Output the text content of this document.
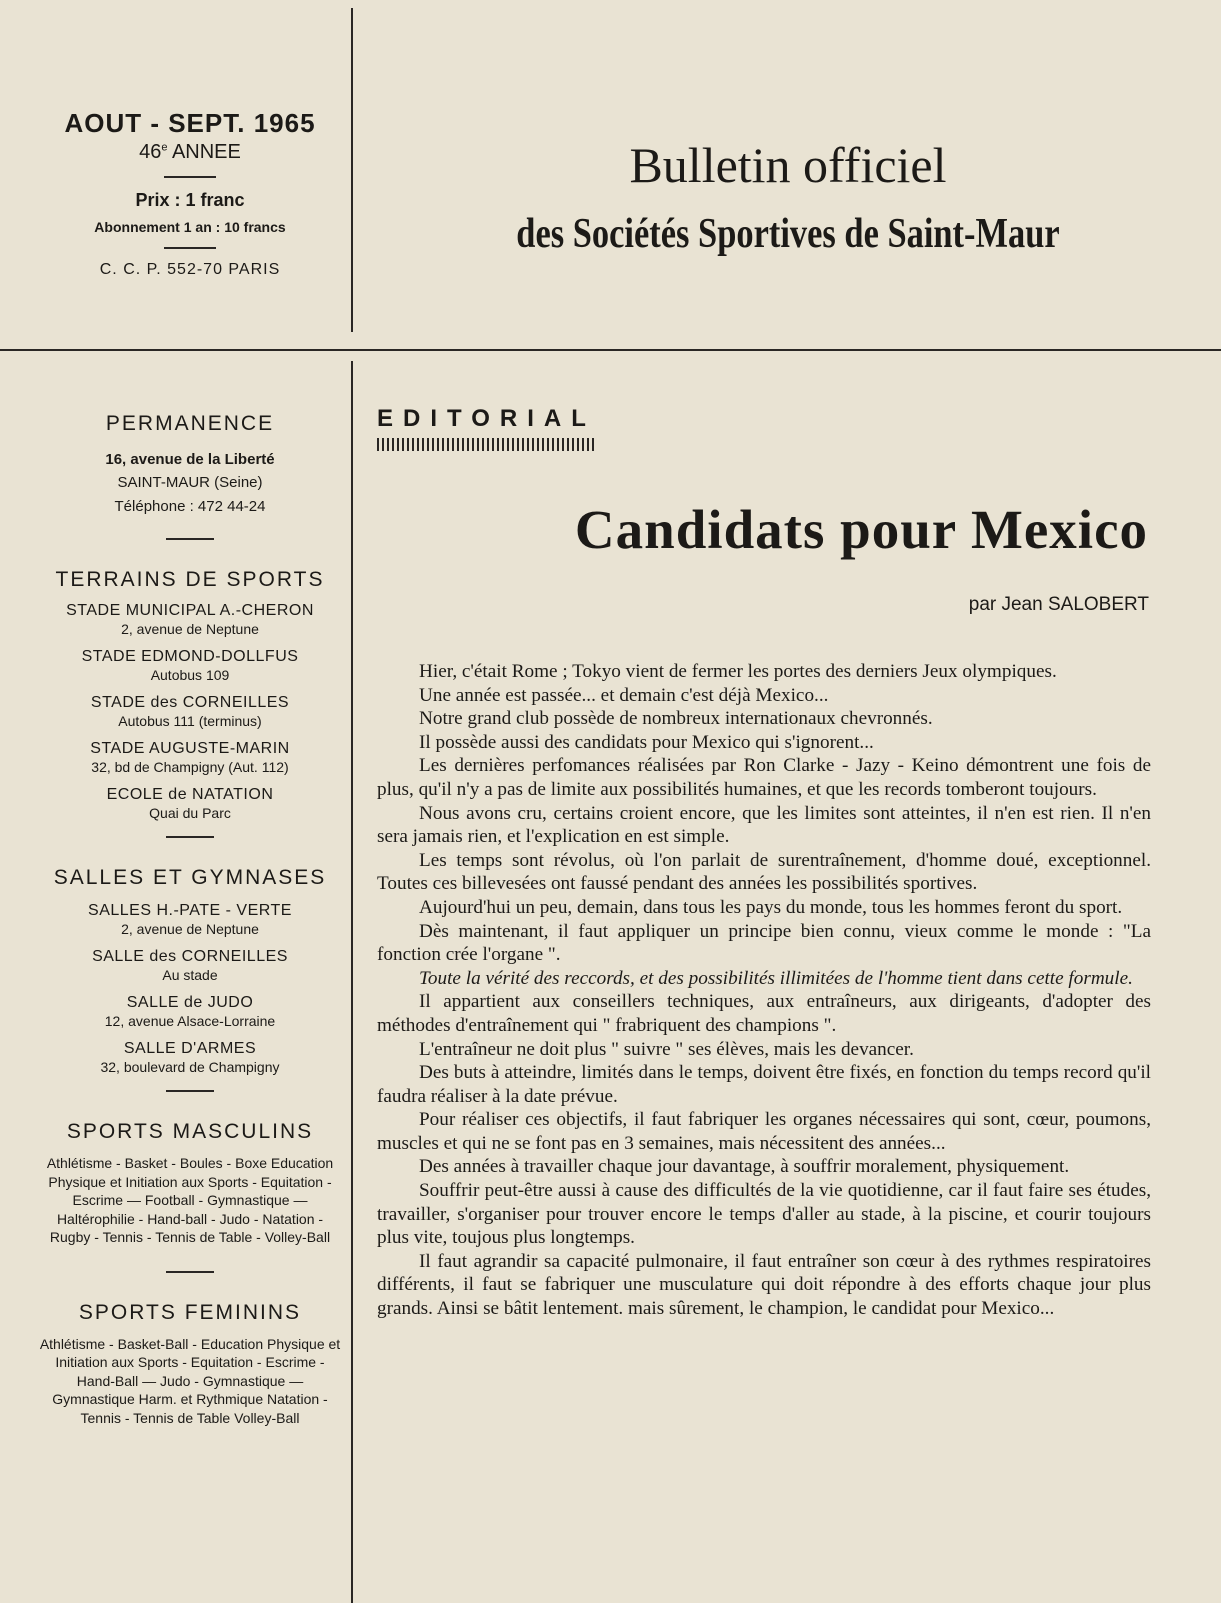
AOUT - SEPT. 1965
46e ANNEE
Prix : 1 franc
Abonnement 1 an : 10 francs
C. C. P. 552-70 PARIS
Bulletin officiel
des Sociétés Sportives de Saint-Maur
PERMANENCE
16, avenue de la Liberté
SAINT-MAUR (Seine)
Téléphone : 472 44-24
TERRAINS DE SPORTS
STADE MUNICIPAL A.-CHERON
2, avenue de Neptune
STADE EDMOND-DOLLFUS
Autobus 109
STADE des CORNEILLES
Autobus 111 (terminus)
STADE AUGUSTE-MARIN
32, bd de Champigny (Aut. 112)
ECOLE de NATATION
Quai du Parc
SALLES ET GYMNASES
SALLES H.-PATE - VERTE
2, avenue de Neptune
SALLE des CORNEILLES
Au stade
SALLE de JUDO
12, avenue Alsace-Lorraine
SALLE D'ARMES
32, boulevard de Champigny
SPORTS MASCULINS
Athlétisme - Basket - Boules - Boxe Education Physique et Initiation aux Sports - Equitation - Escrime — Football - Gymnastique — Haltérophilie - Hand-ball - Judo - Natation - Rugby - Tennis - Tennis de Table - Volley-Ball
SPORTS FEMININS
Athlétisme - Basket-Ball - Education Physique et Initiation aux Sports - Equitation - Escrime - Hand-Ball — Judo - Gymnastique — Gymnastique Harm. et Rythmique Natation - Tennis - Tennis de Table Volley-Ball
EDITORIAL
Candidats pour Mexico
par Jean SALOBERT

Hier, c'était Rome ; Tokyo vient de fermer les portes des derniers Jeux olympiques.

Une année est passée... et demain c'est déjà Mexico...

Notre grand club possède de nombreux internationaux chevronnés.

Il possède aussi des candidats pour Mexico qui s'ignorent...

Les dernières perfomances réalisées par Ron Clarke - Jazy - Keino démontrent une fois de plus, qu'il n'y a pas de limite aux possibilités humaines, et que les records tomberont toujours.

Nous avons cru, certains croient encore, que les limites sont atteintes, il n'en est rien. Il n'en sera jamais rien, et l'explication en est simple.

Les temps sont révolus, où l'on parlait de surentraînement, d'homme doué, exceptionnel. Toutes ces billevesées ont faussé pendant des années les possibilités sportives.

Aujourd'hui un peu, demain, dans tous les pays du monde, tous les hommes feront du sport.

Dès maintenant, il faut appliquer un principe bien connu, vieux comme le monde : "La fonction crée l'organe ".

Toute la vérité des reccords, et des possibilités illimitées de l'homme tient dans cette formule.

Il appartient aux conseillers techniques, aux entraîneurs, aux dirigeants, d'adopter des méthodes d'entraînement qui " frabriquent des champions ".

L'entraîneur ne doit plus " suivre " ses élèves, mais les devancer.

Des buts à atteindre, limités dans le temps, doivent être fixés, en fonction du temps record qu'il faudra réaliser à la date prévue.

Pour réaliser ces objectifs, il faut fabriquer les organes nécessaires qui sont, cœur, poumons, muscles et qui ne se font pas en 3 semaines, mais nécessitent des années...

Des années à travailler chaque jour davantage, à souffrir moralement, physiquement.

Souffrir peut-être aussi à cause des difficultés de la vie quotidienne, car il faut faire ses études, travailler, s'organiser pour trouver encore le temps d'aller au stade, à la piscine, et courir toujours plus vite, toujous plus longtemps.

Il faut agrandir sa capacité pulmonaire, il faut entraîner son cœur à des rythmes respiratoires différents, il faut se fabriquer une musculature qui doit répondre à des efforts chaque jour plus grands. Ainsi se bâtit lentement. mais sûrement, le champion, le candidat pour Mexico...
